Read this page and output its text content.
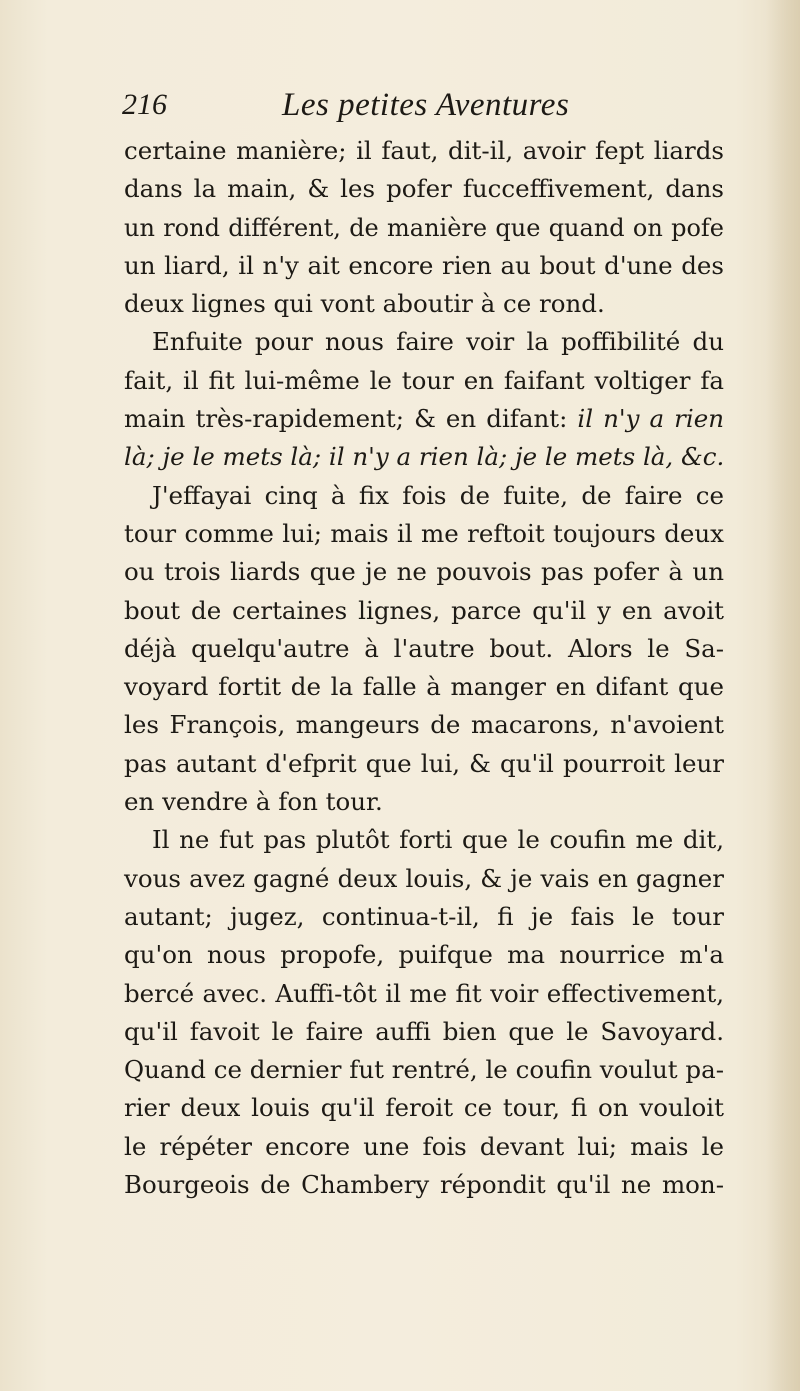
216	Les petites Aventures
certaine manière; il faut, dit-il, avoir fept liards
dans la main, & les pofer fucceffivement, dans
un rond différent, de manière que quand on pofe
un liard, il n'y ait encore rien au bout d'une des
deux lignes qui vont aboutir à ce rond.
Enfuite pour nous faire voir la poffibilité du
fait, il fit lui-même le tour en faifant voltiger fa
main très-rapidement; & en difant: il n'y a rien
là; je le mets là; il n'y a rien là; je le mets là, &c.
J'effayai cinq à fix fois de fuite, de faire ce
tour comme lui; mais il me reftoit toujours deux
ou trois liards que je ne pouvois pas pofer à un
bout de certaines lignes, parce qu'il y en avoit
déjà quelqu'autre à l'autre bout. Alors le Sa-
voyard fortit de la falle à manger en difant que
les François, mangeurs de macarons, n'avoient
pas autant d'efprit que lui, & qu'il pourroit leur
en vendre à fon tour.
Il ne fut pas plutôt forti que le coufin me dit,
vous avez gagné deux louis, & je vais en gagner
autant; jugez, continua-t-il, fi je fais le tour
qu'on nous propofe, puifque ma nourrice m'a
bercé avec. Auffi-tôt il me fit voir effectivement,
qu'il favoit le faire auffi bien que le Savoyard.
Quand ce dernier fut rentré, le coufin voulut pa-
rier deux louis qu'il feroit ce tour, fi on vouloit
le répéter encore une fois devant lui; mais le
Bourgeois de Chambery répondit qu'il ne mon-
